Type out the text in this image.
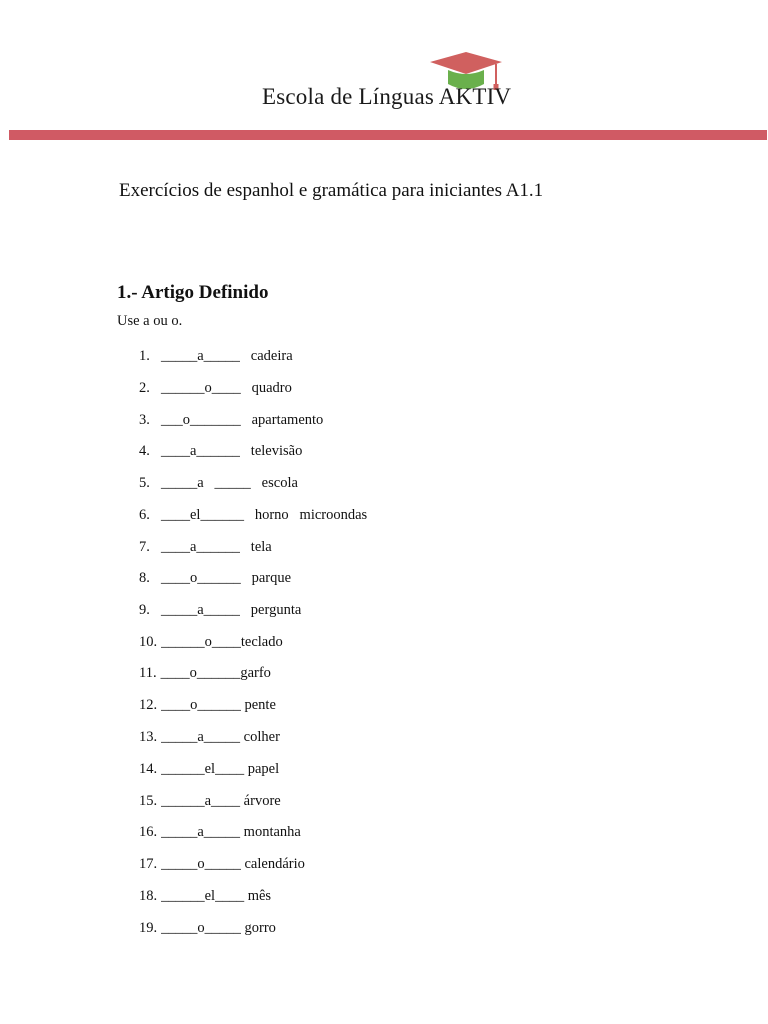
Escola de Línguas AKTIV
Exercícios de espanhol e gramática para iniciantes A1.1
1.- Artigo Definido
Use a ou o.
1. _____a_____   cadeira
2. ______o____   quadro
3. ___o_______   apartamento
4. ____a______   televisão
5. _____a   _____   escola
6. ____el______   horno   microondas
7. ____a______   tela
8. ____o______   parque
9. _____a_____   pergunta
10. ______o____teclado
11. ____o______garfo
12. ____o______ pente
13. _____a_____ colher
14. ______el____ papel
15. ______a____ árvore
16. _____a_____ montanha
17. _____o_____ calendário
18. ______el____ mês
19. _____o_____ gorro
